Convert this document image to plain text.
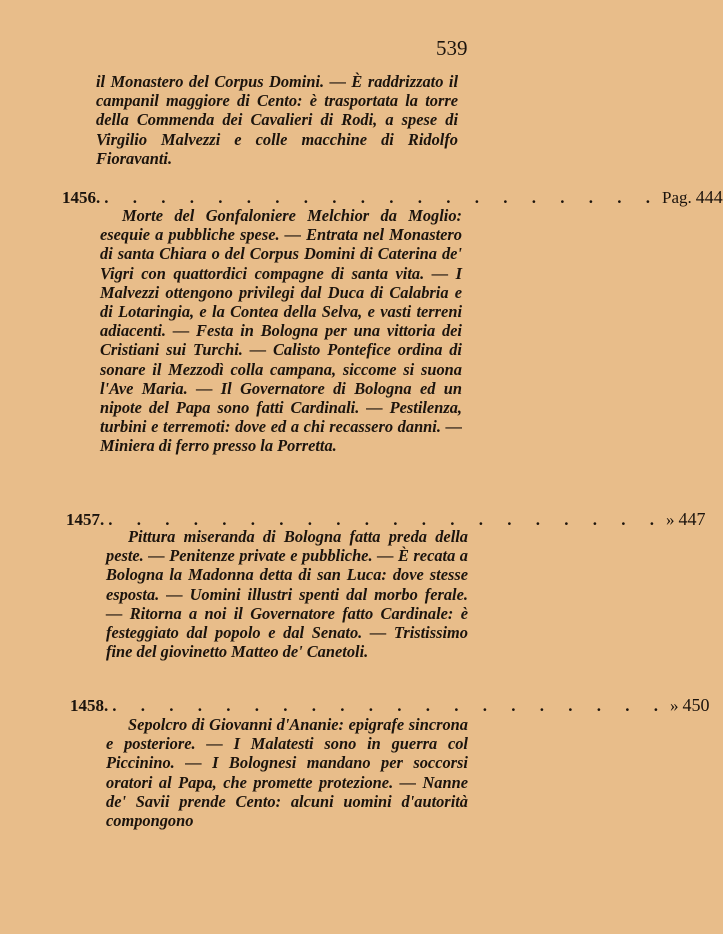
539

il Monastero del Corpus Domini. — È raddrizzato il campanil maggiore di Cento: è trasportata la torre della Commenda dei Cavalieri di Rodi, a spese di Virgilio Malvezzi e colle macchine di Ridolfo Fioravanti.

1456. . . . . . . . . . . . . . . . . . . . . Pag. 444

Morte del Gonfaloniere Melchior da Moglio: esequie a pubbliche spese. — Entrata nel Monastero di santa Chiara o del Corpus Domini di Caterina de' Vigri con quattordici compagne di santa vita. — I Malvezzi ottengono privilegi dal Duca di Calabria e di Lotaringia, e la Contea della Selva, e vasti terreni adiacenti. — Festa in Bologna per una vittoria dei Cristiani sui Turchi. — Calisto Pontefice ordina di sonare il Mezzodì colla campana, siccome si suona l'Ave Maria. — Il Governatore di Bologna ed un nipote del Papa sono fatti Cardinali. — Pestilenza, turbini e terremoti: dove ed a chi recassero danni. — Miniera di ferro presso la Porretta.

1457. . . . . . . . . . . . . . . . . . . . . » 447

Pittura miseranda di Bologna fatta preda della peste. — Penitenze private e pubbliche. — È recata a Bologna la Madonna detta di san Luca: dove stesse esposta. — Uomini illustri spenti dal morbo ferale. — Ritorna a noi il Governatore fatto Cardinale: è festeggiato dal popolo e dal Senato. — Tristissimo fine del giovinetto Matteo de' Canetoli.

1458. . . . . . . . . . . . . . . . . . . . . » 450

Sepolcro di Giovanni d'Ananie: epigrafe sincrona e posteriore. — I Malatesti sono in guerra col Piccinino. — I Bolognesi mandano per soccorsi oratori al Papa, che promette protezione. — Nanne de' Savii prende Cento: alcuni uomini d'autorità compongono
